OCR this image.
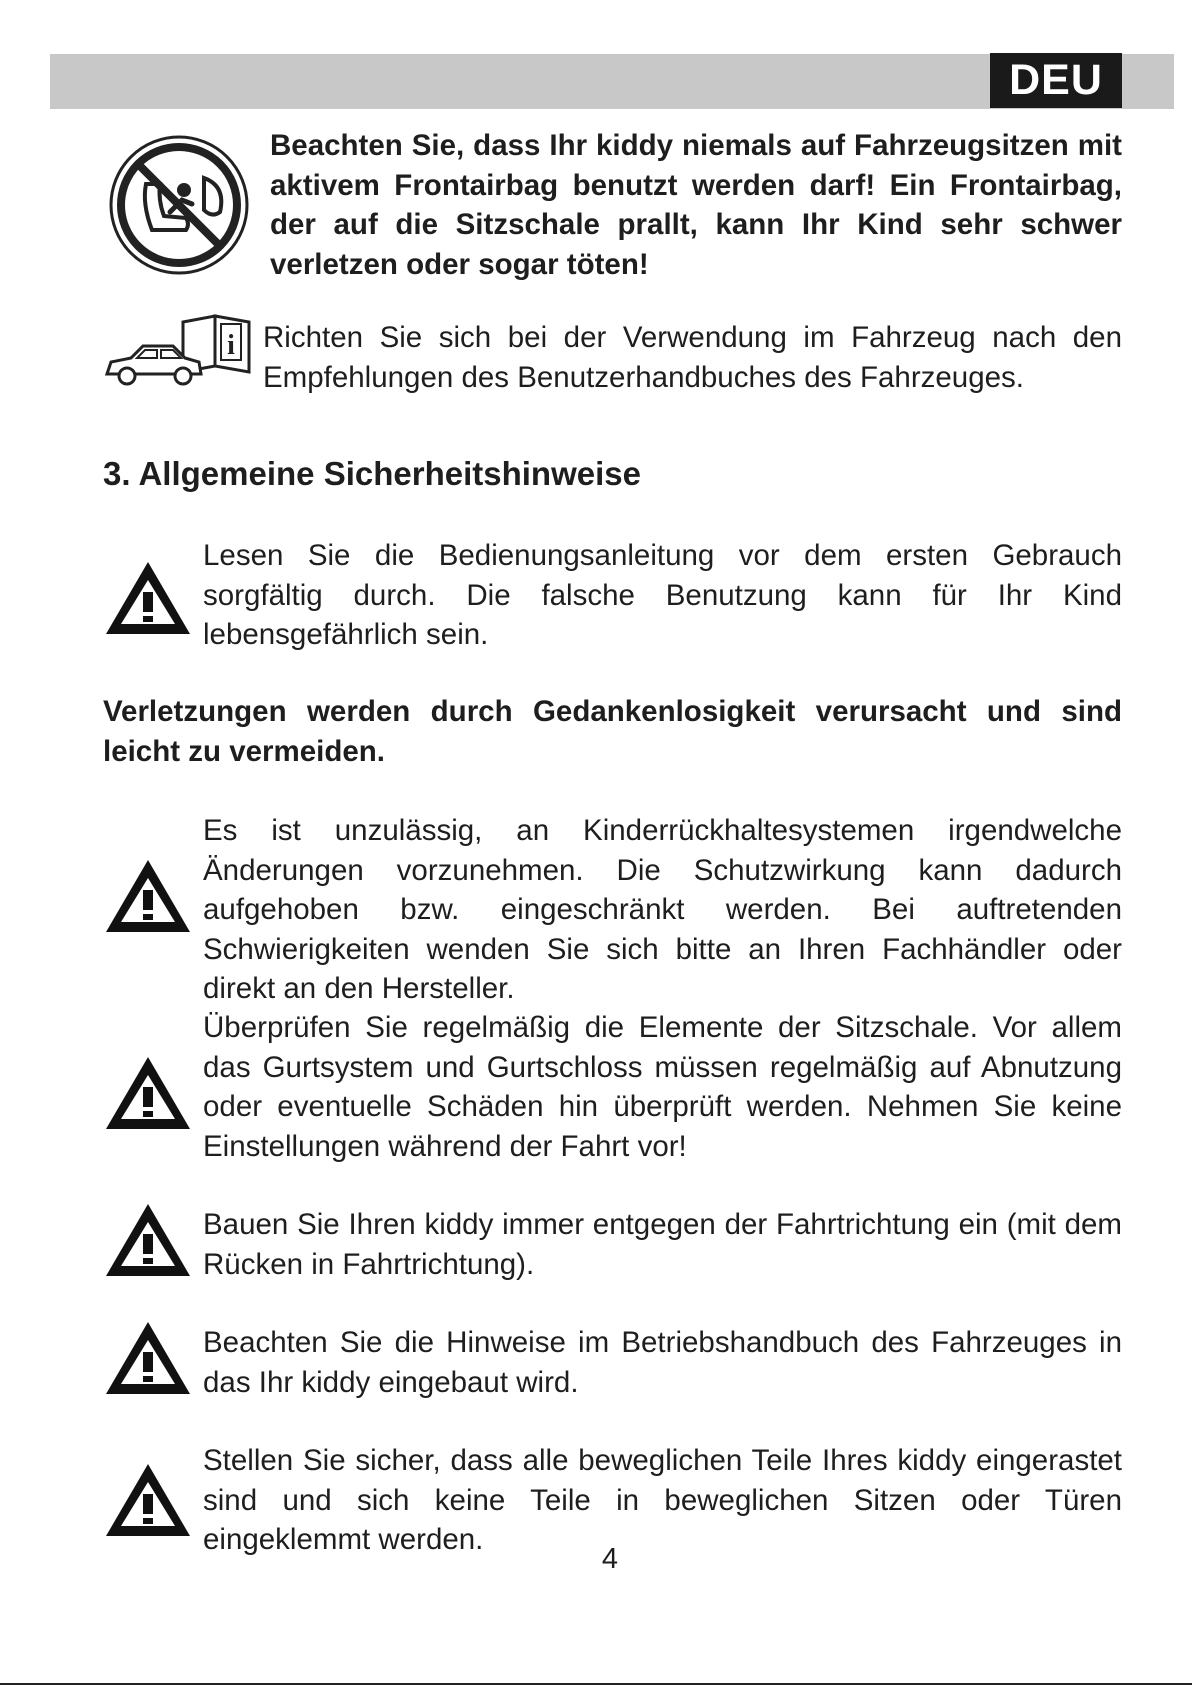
DEU

Beachten Sie, dass Ihr kiddy niemals auf Fahrzeugsitzen mit aktivem Frontairbag benutzt werden darf! Ein Frontairbag, der auf die Sitzschale prallt, kann Ihr Kind sehr schwer verletzen oder sogar töten!

i Richten Sie sich bei der Verwendung im Fahrzeug nach den Empfehlungen des Benutzerhandbuches des Fahrzeuges.

3. Allgemeine Sicherheitshinweise

Lesen Sie die Bedienungsanleitung vor dem ersten Gebrauch sorgfältig durch. Die falsche Benutzung kann für Ihr Kind lebensgefährlich sein.

Verletzungen werden durch Gedankenlosigkeit verursacht und sind leicht zu vermeiden.

Es ist unzulässig, an Kinderrückhaltesystemen irgendwelche Änderungen vorzunehmen. Die Schutzwirkung kann dadurch aufgehoben bzw. eingeschränkt werden. Bei auftretenden Schwierigkeiten wenden Sie sich bitte an Ihren Fachhändler oder direkt an den Hersteller.

Überprüfen Sie regelmäßig die Elemente der Sitzschale. Vor allem das Gurtsystem und Gurtschloss müssen regelmäßig auf Abnutzung oder eventuelle Schäden hin überprüft werden. Nehmen Sie keine Einstellungen während der Fahrt vor!

Bauen Sie Ihren kiddy immer entgegen der Fahrtrichtung ein (mit dem Rücken in Fahrtrichtung).

Beachten Sie die Hinweise im Betriebshandbuch des Fahrzeuges in das Ihr kiddy eingebaut wird.

Stellen Sie sicher, dass alle beweglichen Teile Ihres kiddy eingerastet sind und sich keine Teile in beweglichen Sitzen oder Türen eingeklemmt werden.

4
